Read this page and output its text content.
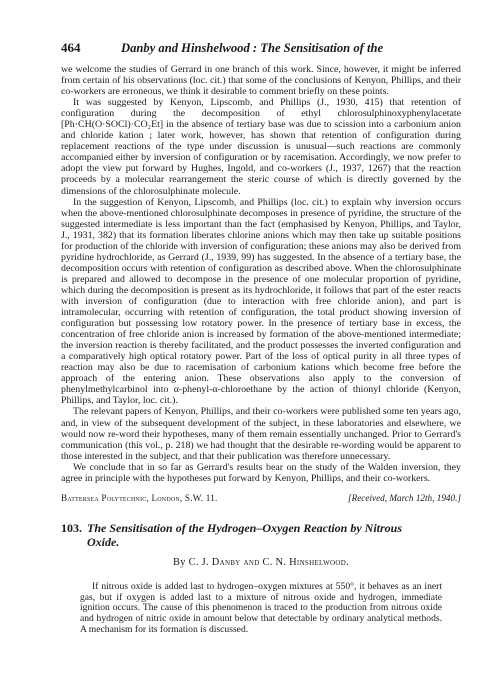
464	Danby and Hinshelwood : The Sensitisation of the

we welcome the studies of Gerrard in one branch of this work. Since, however, it might be inferred from certain of his observations (loc. cit.) that some of the conclusions of Kenyon, Phillips, and their co-workers are erroneous, we think it desirable to comment briefly on these points.

It was suggested by Kenyon, Lipscomb, and Phillips (J., 1930, 415) that retention of configuration during the decomposition of ethyl chlorosulphinoxyphenylacetate [Ph·CH(O·SOCl)·CO₂Et] in the absence of tertiary base was due to scission into a carbonium anion and chloride kation ; later work, however, has shown that retention of configuration during replacement reactions of the type under discussion is unusual—such reactions are commonly accompanied either by inversion of configuration or by racemisation. Accordingly, we now prefer to adopt the view put forward by Hughes, Ingold, and co-workers (J., 1937, 1267) that the reaction proceeds by a molecular rearrangement the steric course of which is directly governed by the dimensions of the chlorosulphinate molecule.

In the suggestion of Kenyon, Lipscomb, and Phillips (loc. cit.) to explain why inversion occurs when the above-mentioned chlorosulphinate decomposes in presence of pyridine, the structure of the suggested intermediate is less important than the fact (emphasised by Kenyon, Phillips, and Taylor, J., 1931, 382) that its formation liberates chlorine anions which may then take up suitable positions for production of the chloride with inversion of configuration; these anions may also be derived from pyridine hydrochloride, as Gerrard (J., 1939, 99) has suggested. In the absence of a tertiary base, the decomposition occurs with retention of configuration as described above. When the chlorosulphinate is prepared and allowed to decompose in the presence of one molecular proportion of pyridine, which during the decomposition is present as its hydrochloride, it follows that part of the ester reacts with inversion of configuration (due to interaction with free chloride anion), and part is intramolecular, occurring with retention of configuration, the total product showing inversion of configuration but possessing low rotatory power. In the presence of tertiary base in excess, the concentration of free chloride anion is increased by formation of the above-mentioned intermediate; the inversion reaction is thereby facilitated, and the product possesses the inverted configuration and a comparatively high optical rotatory power. Part of the loss of optical purity in all three types of reaction may also be due to racemisation of carbonium kations which become free before the approach of the entering anion. These observations also apply to the conversion of phenylmethylcarbinol into α-phenyl-α-chloroethane by the action of thionyl chloride (Kenyon, Phillips, and Taylor, loc. cit.).

The relevant papers of Kenyon, Phillips, and their co-workers were published some ten years ago, and, in view of the subsequent development of the subject, in these laboratories and elsewhere, we would now re-word their hypotheses, many of them remain essentially unchanged. Prior to Gerrard's communication (this vol., p. 218) we had thought that the desirable re-wording would be apparent to those interested in the subject, and that their publication was therefore unnecessary.

We conclude that in so far as Gerrard's results bear on the study of the Walden inversion, they agree in principle with the hypotheses put forward by Kenyon, Phillips, and their co-workers.

Battersea Polytechnic, London, S.W. 11.	[Received, March 12th, 1940.]
103. The Sensitisation of the Hydrogen–Oxygen Reaction by Nitrous
Oxide.
By C. J. Danby and C. N. Hinshelwood.

If nitrous oxide is added last to hydrogen–oxygen mixtures at 550°, it behaves as an inert gas, but if oxygen is added last to a mixture of nitrous oxide and hydrogen, immediate ignition occurs. The cause of this phenomenon is traced to the production from nitrous oxide and hydrogen of nitric oxide in amount below that detectable by ordinary analytical methods. A mechanism for its formation is discussed.
